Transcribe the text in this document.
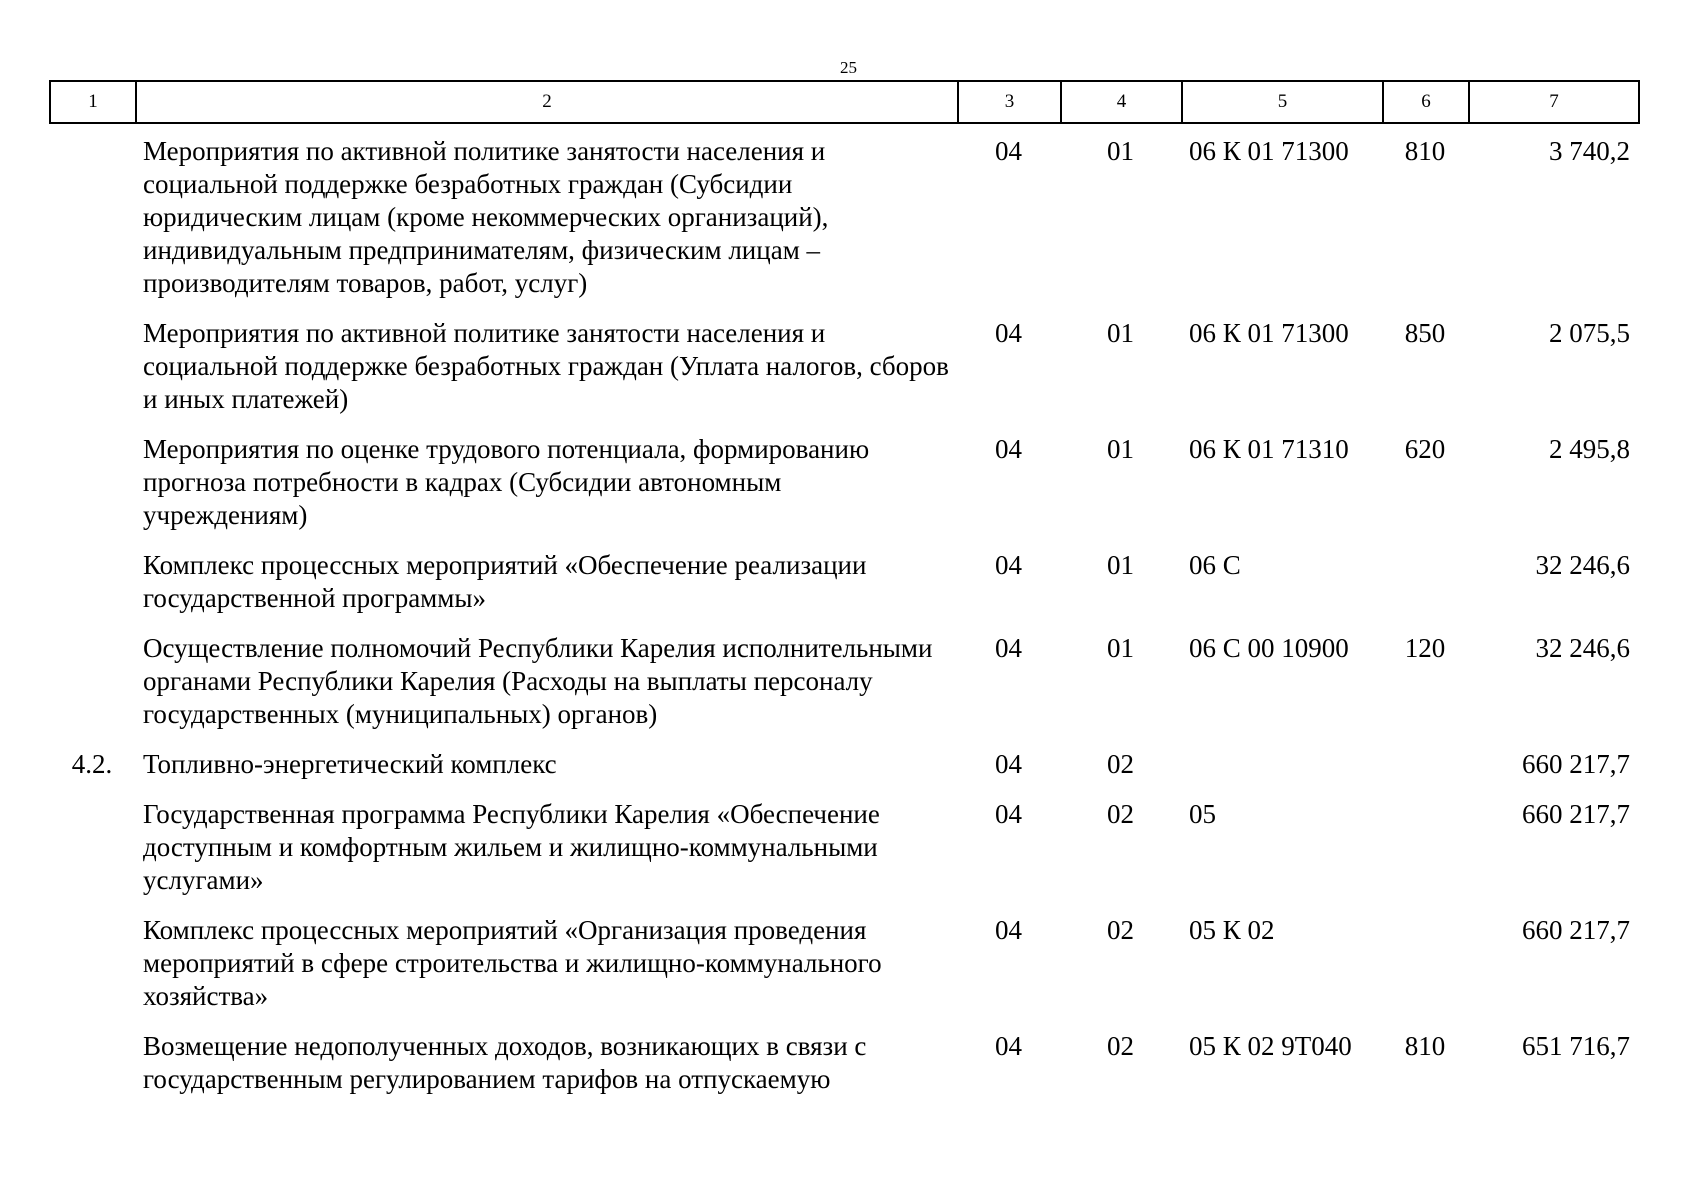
25
1	2	3	4	5	6	7
	Мероприятия по активной политике занятости населения и социальной поддержке безработных граждан (Субсидии юридическим лицам (кроме некоммерческих организаций), индивидуальным предпринимателям, физическим лицам – производителям товаров, работ, услуг)	04	01	06 К 01 71300	810	3 740,2
	Мероприятия по активной политике занятости населения и социальной поддержке безработных граждан (Уплата налогов, сборов и иных платежей)	04	01	06 К 01 71300	850	2 075,5
	Мероприятия по оценке трудового потенциала, формированию прогноза потребности в кадрах (Субсидии автономным учреждениям)	04	01	06 К 01 71310	620	2 495,8
	Комплекс процессных мероприятий «Обеспечение реализации государственной программы»	04	01	06 С		32 246,6
	Осуществление полномочий Республики Карелия исполнительными органами Республики Карелия (Расходы на выплаты персоналу государственных (муниципальных) органов)	04	01	06 С 00 10900	120	32 246,6
4.2.	Топливно-энергетический комплекс	04	02			660 217,7
	Государственная программа Республики Карелия «Обеспечение доступным и комфортным жильем и жилищно-коммунальными услугами»	04	02	05		660 217,7
	Комплекс процессных мероприятий «Организация проведения мероприятий в сфере строительства и жилищно-коммунального хозяйства»	04	02	05 К 02		660 217,7
	Возмещение недополученных доходов, возникающих в связи с государственным регулированием тарифов на отпускаемую	04	02	05 К 02 9Т040	810	651 716,7
